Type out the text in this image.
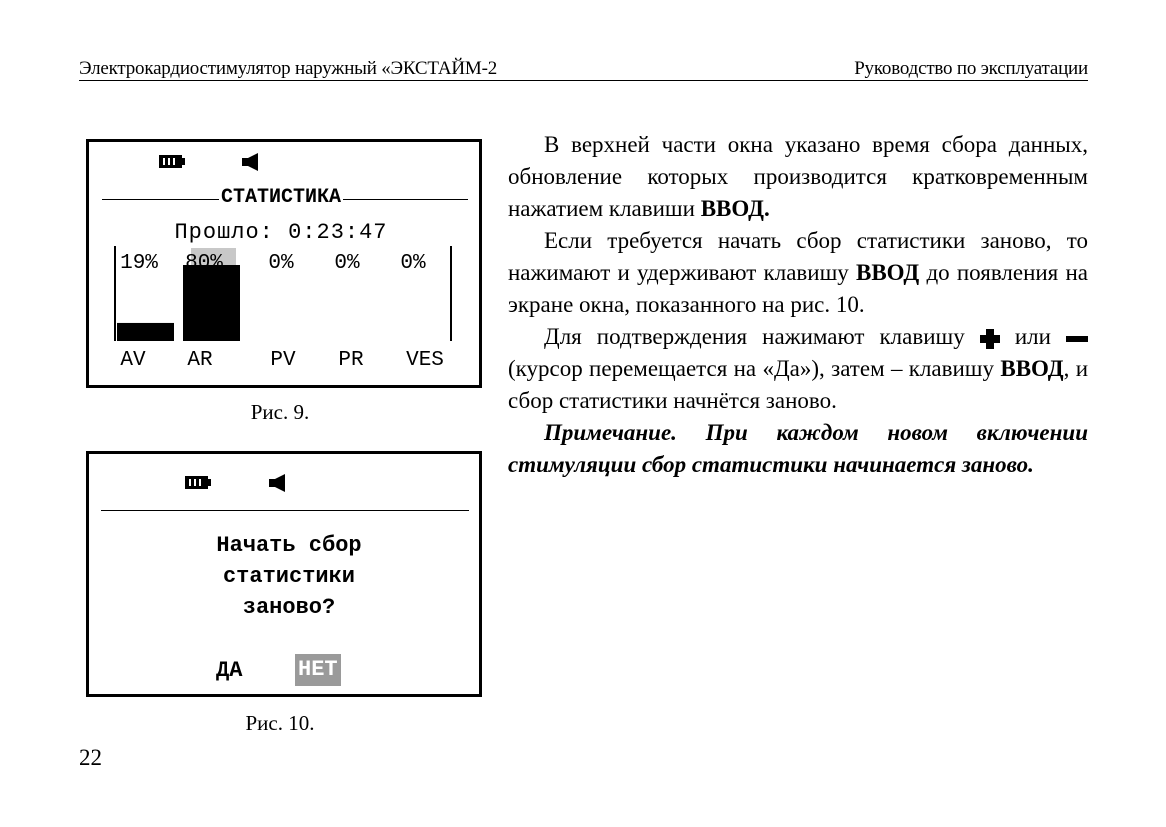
Электрокардиостимулятор наружный «ЭКСТАЙМ-2	Руководство по эксплуатации
СТАТИСТИКА
Прошло: 0:23:47
19% 80% 0% 0% 0%
AV	AR	PV	PR	VES
Рис. 9.
Начать сбор
статистики
заново?
ДА	НЕТ
Рис. 10.

В верхней части окна указано время сбора данных, обновление которых производится кратковременным нажатием клавиши ВВОД.

Если требуется начать сбор статистики заново, то нажимают и удерживают клавишу ВВОД до появления на экране окна, показанного на рис. 10.

Для подтверждения нажимают клавишу  или  (курсор перемещается на «Да»), затем – клавишу ВВОД, и сбор статистики начнётся заново.

Примечание. При каждом новом включении стимуляции сбор статистики начинается заново.

22
